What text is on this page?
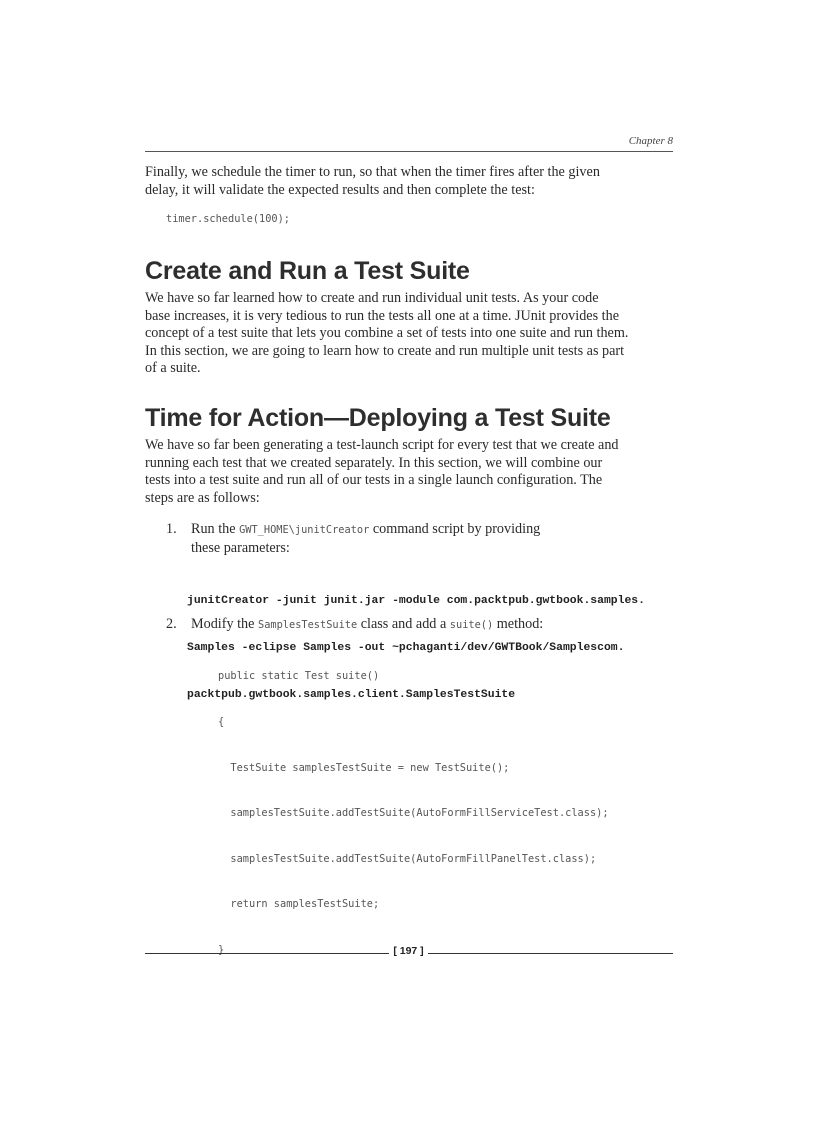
Chapter 8
Finally, we schedule the timer to run, so that when the timer fires after the given
delay, it will validate the expected results and then complete the test:
timer.schedule(100);
Create and Run a Test Suite
We have so far learned how to create and run individual unit tests. As your code
base increases, it is very tedious to run the tests all one at a time. JUnit provides the
concept of a test suite that lets you combine a set of tests into one suite and run them.
In this section, we are going to learn how to create and run multiple unit tests as part
of a suite.
Time for Action—Deploying a Test Suite
We have so far been generating a test-launch script for every test that we create and
running each test that we created separately. In this section, we will combine our
tests into a test suite and run all of our tests in a single launch configuration. The
steps are as follows:
1. Run the GWT_HOME\junitCreator command script by providing
these parameters:

junitCreator -junit junit.jar -module com.packtpub.gwtbook.samples.

Samples -eclipse Samples -out ~pchaganti/dev/GWTBook/Samplescom.

packtpub.gwtbook.samples.client.SamplesTestSuite

2. Modify the SamplesTestSuite class and add a suite() method:

public static Test suite()

{

TestSuite samplesTestSuite = new TestSuite();

samplesTestSuite.addTestSuite(AutoFormFillServiceTest.class);

samplesTestSuite.addTestSuite(AutoFormFillPanelTest.class);

return samplesTestSuite;

}	[ 197 ]
